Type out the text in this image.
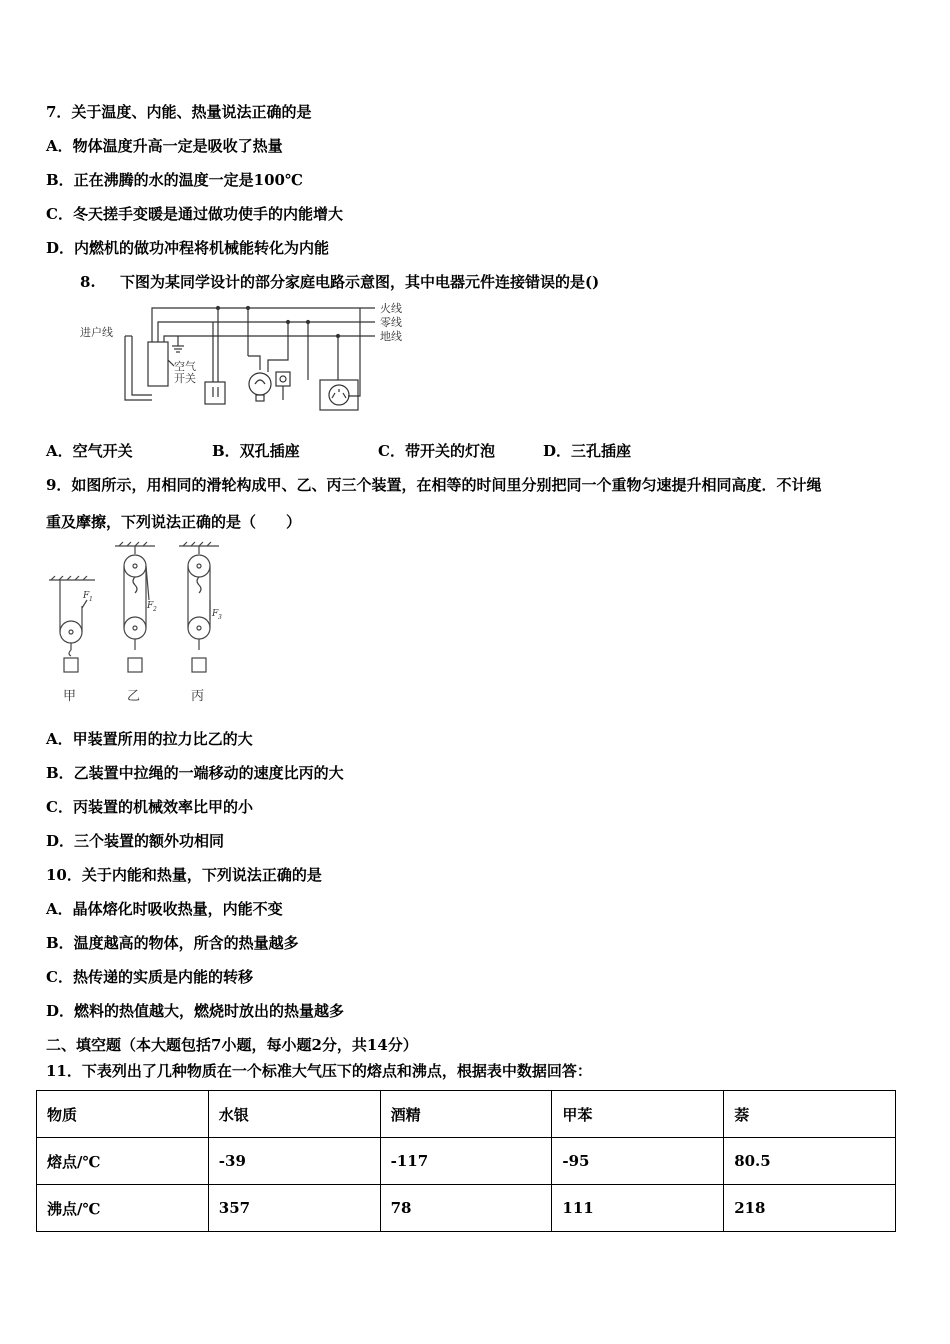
7．关于温度、内能、热量说法正确的是
A．物体温度升高一定是吸收了热量
B．正在沸腾的水的温度一定是100℃
C．冬天搓手变暖是通过做功使手的内能增大
D．内燃机的做功冲程将机械能转化为内能
8. 下图为某同学设计的部分家庭电路示意图，其中电器元件连接错误的是()
进户线
火线
零线
地线
空气
开关
A．空气开关	B．双孔插座	C．带开关的灯泡	D．三孔插座
9．如图所示，用相同的滑轮构成甲、乙、丙三个装置，在相等的时间里分别把同一个重物匀速提升相同高度．不计绳
重及摩擦，下列说法正确的是（　　）
F 1
F 2	F 3
甲	乙	丙
A．甲装置所用的拉力比乙的大
B．乙装置中拉绳的一端移动的速度比丙的大
C．丙装置的机械效率比甲的小
D．三个装置的额外功相同
10．关于内能和热量，下列说法正确的是
A．晶体熔化时吸收热量，内能不变
B．温度越高的物体，所含的热量越多
C．热传递的实质是内能的转移
D．燃料的热值越大，燃烧时放出的热量越多
二、填空题（本大题包括7小题，每小题2分，共14分）
11．下表列出了几种物质在一个标准大气压下的熔点和沸点，根据表中数据回答：
物质	水银	酒精	甲苯	萘
熔点/℃	-39	-117	-95	80.5
沸点/℃	357	78	111	218
